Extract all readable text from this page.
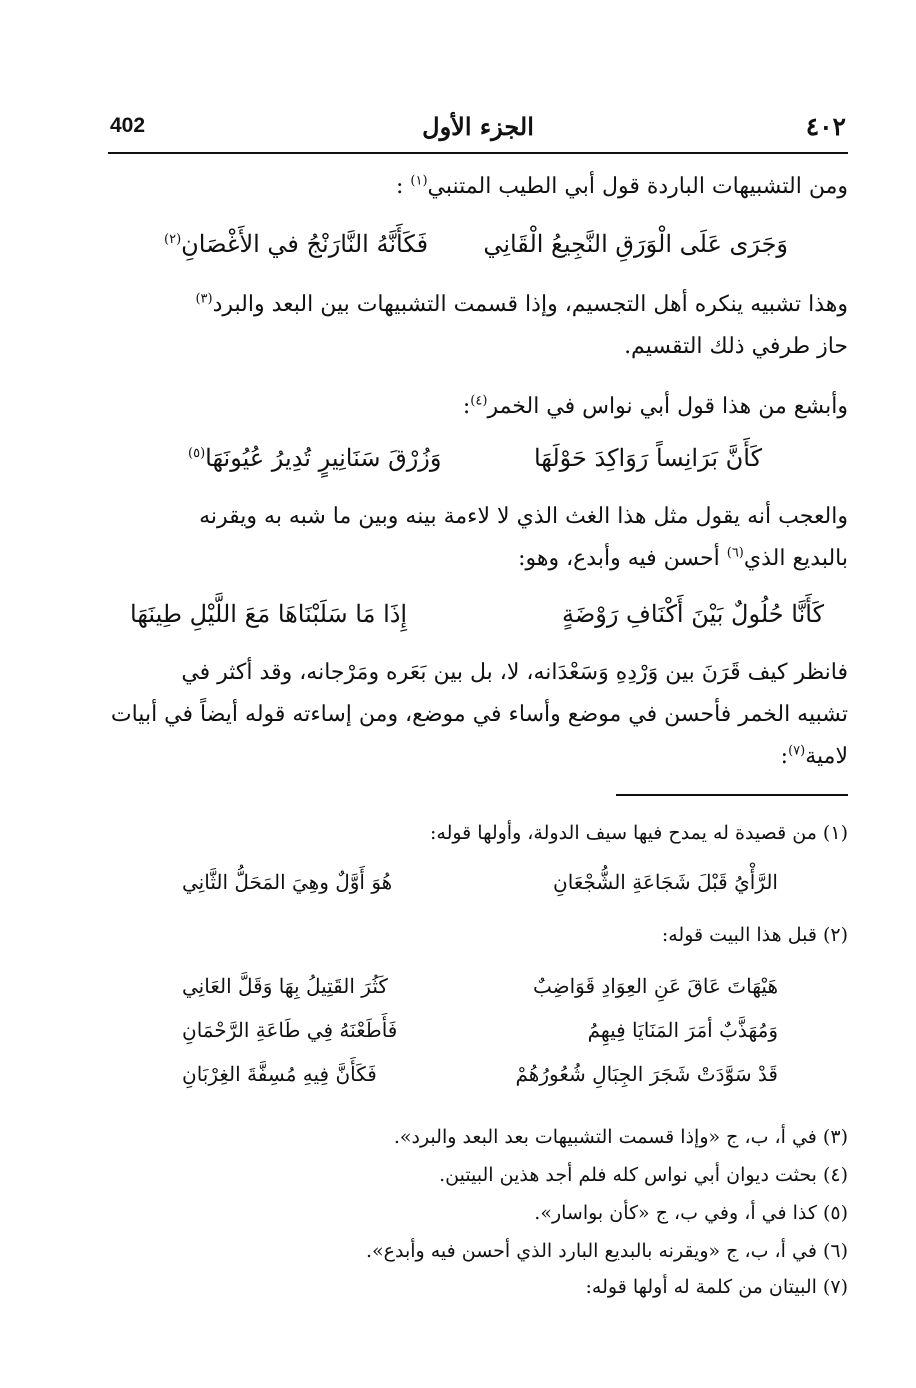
٤٠٢
الجزء الأول
402
ومن التشبيهات الباردة قول أبي الطيب المتنبي$^{(١)}$ :
وَجَرَى عَلَى الْوَرَقِ النَّجِيعُ الْقَانِي
فَكَأَنَّهُ النَّارَنْجُ في الأَغْصَانِ$^{(٢)}$
وهذا تشبيه ينكره أهل التجسيم، وإذا قسمت التشبيهات بين البعد والبرد$^{(٣)}$
حاز طرفي ذلك التقسيم.
وأبشع من هذا قول أبي نواس في الخمر$^{(٤)}$:
كَأَنَّ بَرَانِساً رَوَاكِدَ حَوْلَهَا
وَزُرْقَ سَنَانِيرٍ تُدِيرُ عُيُونَهَا$^{(٥)}$
والعجب أنه يقول مثل هذا الغث الذي لا لاءمة بينه وبين ما شبه به ويقرنه
بالبديع الذي$^{(٦)}$ أحسن فيه وأبدع، وهو:
كَأَنَّا حُلُولٌ بَيْنَ أَكْنَافِ رَوْضَةٍ
إِذَا مَا سَلَبْنَاهَا مَعَ اللَّيْلِ طِينَهَا
فانظر كيف قَرَنَ بين وَرْدِهِ وَسَعْدَانه، لا، بل بين بَعَره ومَرْجانه، وقد أكثر في
تشبيه الخمر فأحسن في موضع وأساء في موضع، ومن إساءته قوله أيضاً في أبيات
لامية$^{(٧)}$:
(١) من قصيدة له يمدح فيها سيف الدولة، وأولها قوله:
الرَّأْيُ قَبْلَ شَجَاعَةِ الشُّجْعَانِ
هُوَ أَوَّلٌ وهِيَ المَحَلُّ الثَّانِي
(٢) قبل هذا البيت قوله:
هَيْهَاتَ عَاقَ عَنِ العِوَادِ قَوَاضِبٌ
كَثُرَ القَتِيلُ بِهَا وَقَلَّ العَانِي
وَمُهَذَّبٌ أمَرَ المَنَايَا فِيهِمُ
فَأَطَعْنَهُ فِي طَاعَةِ الرَّحْمَانِ
قَدْ سَوَّدَتْ شَجَرَ الجِبَالِ شُعُورُهُمْ
فَكَأَنَّ فِيهِ مُسِفَّةَ الغِرْبَانِ
(٣) في أ، ب، ج «وإذا قسمت التشبيهات بعد البعد والبرد».
(٤) بحثت ديوان أبي نواس كله فلم أجد هذين البيتين.
(٥) كذا في أ، وفي ب، ج «كأن بواسار».
(٦) في أ، ب، ج «ويقرنه بالبديع البارد الذي أحسن فيه وأبدع».
(٧) البيتان من كلمة له أولها قوله:
